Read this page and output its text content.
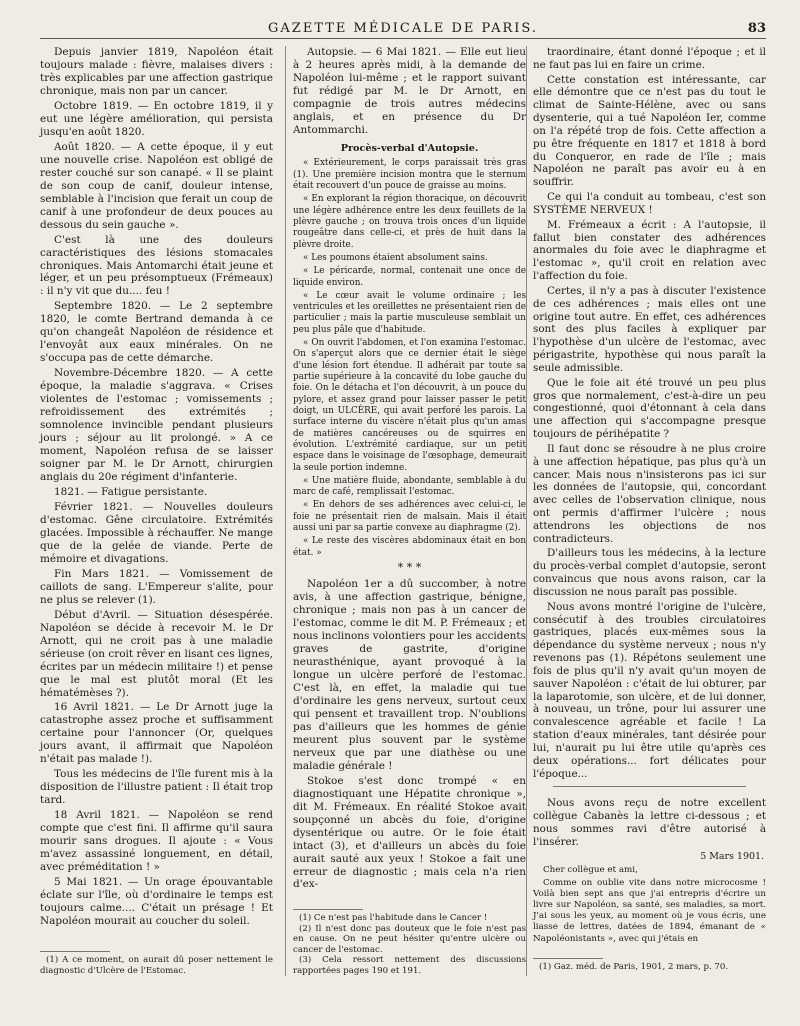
GAZETTE MÉDICALE DE PARIS.	83

Depuis janvier 1819, Napoléon était toujours malade : fièvre, malaises divers : très explicables par une affection gastrique chronique, mais non par un cancer.

Octobre 1819. — En octobre 1819, il y eut une légère amélioration, qui persista jusqu'en août 1820.

Août 1820. — A cette époque, il y eut une nouvelle crise. Napoléon est obligé de rester couché sur son canapé. « Il se plaint de son coup de canif, douleur intense, semblable à l'incision que ferait un coup de canif à une profondeur de deux pouces au dessous du sein gauche ».

C'est là une des douleurs caractéristiques des lésions stomacales chroniques. Mais Antomarchi était jeune et léger, et un peu présomptueux (Frémeaux) : il n'y vit que du.... feu !

Septembre 1820. — Le 2 septembre 1820, le comte Bertrand demanda à ce qu'on changeât Napoléon de résidence et l'envoyât aux eaux minérales. On ne s'occupa pas de cette démarche.

Novembre-Décembre 1820. — A cette époque, la maladie s'aggrava. « Crises violentes de l'estomac ; vomissements ; refroidissement des extrémités ; somnolence invincible pendant plusieurs jours ; séjour au lit prolongé. » A ce moment, Napoléon refusa de se laisser soigner par M. le Dr Arnott, chirurgien anglais du 20e régiment d'infanterie.

1821. — Fatigue persistante.

Février 1821. — Nouvelles douleurs d'estomac. Gêne circulatoire. Extrémités glacées. Impossible à réchauffer. Ne mange que de la gelée de viande. Perte de mémoire et divagations.

Fin Mars 1821. — Vomissement de caillots de sang. L'Empereur s'alite, pour ne plus se relever (1).

Début d'Avril. — Situation désespérée. Napoléon se décide à recevoir M. le Dr Arnott, qui ne croit pas à une maladie sérieuse (on croit rêver en lisant ces lignes, écrites par un médecin militaire !) et pense que le mal est plutôt moral (Et les hématémèses ?).

16 Avril 1821. — Le Dr Arnott juge la catastrophe assez proche et suffisamment certaine pour l'annoncer (Or, quelques jours avant, il affirmait que Napoléon n'était pas malade !).

Tous les médecins de l'île furent mis à la disposition de l'illustre patient : Il était trop tard.

18 Avril 1821. — Napoléon se rend compte que c'est fini. Il affirme qu'il saura mourir sans drogues. Il ajoute : « Vous m'avez assassiné longuement, en détail, avec préméditation ! »

5 Mai 1821. — Un orage épouvantable éclate sur l'île, où d'ordinaire le temps est toujours calme.... C'était un présage ! Et Napoléon mourait au coucher du soleil.

(1) A ce moment, on aurait dû poser nettement le diagnostic d'Ulcère de l'Estomac.

Autopsie. — 6 Mai 1821. — Elle eut lieu à 2 heures après midi, à la demande de Napoléon lui-même ; et le rapport suivant fut rédigé par M. le Dr Arnott, en compagnie de trois autres médecins anglais, et en présence du Dr Antommarchi.

Procès-verbal d'Autopsie.

« Extérieurement, le corps paraissait très gras (1). Une première incision montra que le sternum était recouvert d'un pouce de graisse au moins.

« En explorant la région thoracique, on découvrit une légère adhérence entre les deux feuillets de la plèvre gauche ; on trouva trois onces d'un liquide rougeâtre dans celle-ci, et près de huit dans la plèvre droite.

« Les poumons étaient absolument sains.

« Le péricarde, normal, contenait une once de liquide environ.

« Le cœur avait le volume ordinaire ; les ventricules et les oreillettes ne présentaient rien de particulier ; mais la partie musculeuse semblait un peu plus pâle que d'habitude.

« On ouvrit l'abdomen, et l'on examina l'estomac. On s'aperçut alors que ce dernier était le siège d'une lésion fort étendue. Il adhérait par toute sa partie supérieure à la concavité du lobe gauche du foie. On le détacha et l'on découvrit, à un pouce du pylore, et assez grand pour laisser passer le petit doigt, un ULCÈRE, qui avait perforé les parois. La surface interne du viscère n'était plus qu'un amas de matières cancéreuses ou de squirres en évolution. L'extrémité cardiaque, sur un petit espace dans le voisinage de l'œsophage, demeurait la seule portion indemne.

« Une matière fluide, abondante, semblable à du marc de café, remplissait l'estomac.

« En dehors de ses adhérences avec celui-ci, le foie ne présentait rien de malsain. Mais il était aussi uni par sa partie convexe au diaphragme (2).

« Le reste des viscères abdominaux était en bon état. »

* * *

Napoléon 1er a dû succomber, à notre avis, à une affection gastrique, bénigne, chronique ; mais non pas à un cancer de l'estomac, comme le dit M. P. Frémeaux ; et nous inclinons volontiers pour les accidents graves de gastrite, d'origine neurasthénique, ayant provoqué à la longue un ulcère perforé de l'estomac. C'est là, en effet, la maladie qui tue d'ordinaire les gens nerveux, surtout ceux qui pensent et travaillent trop. N'oublions pas d'ailleurs que les hommes de génie meurent plus souvent par le système nerveux que par une diathèse ou une maladie générale !

Stokoe s'est donc trompé « en diagnostiquant une Hépatite chronique », dit M. Frémeaux. En réalité Stokoe avait soupçonné un abcès du foie, d'origine dysentérique ou autre. Or le foie était intact (3), et d'ailleurs un abcès du foie aurait sauté aux yeux ! Stokoe a fait une erreur de diagnostic ; mais cela n'a rien d'ex-

(1) Ce n'est pas l'habitude dans le Cancer !

(2) Il n'est donc pas douteux que le foie n'est pas en cause. On ne peut hésiter qu'entre ulcère ou cancer de l'estomac.

(3) Cela ressort nettement des discussions rapportées pages 190 et 191.

traordinaire, étant donné l'époque ; et il ne faut pas lui en faire un crime.

Cette constation est intéressante, car elle démontre que ce n'est pas du tout le climat de Sainte-Hélène, avec ou sans dysenterie, qui a tué Napoléon Ier, comme on l'a répété trop de fois. Cette affection a pu être fréquente en 1817 et 1818 à bord du Conqueror, en rade de l'île ; mais Napoléon ne paraît pas avoir eu à en souffrir.

Ce qui l'a conduit au tombeau, c'est son SYSTÈME NERVEUX !

M. Frémeaux a écrit : A l'autopsie, il fallut bien constater des adhérences anormales du foie avec le diaphragme et l'estomac », qu'il croit en relation avec l'affection du foie.

Certes, il n'y a pas à discuter l'existence de ces adhérences ; mais elles ont une origine tout autre. En effet, ces adhérences sont des plus faciles à expliquer par l'hypothèse d'un ulcère de l'estomac, avec périgastrite, hypothèse qui nous paraît la seule admissible.

Que le foie ait été trouvé un peu plus gros que normalement, c'est-à-dire un peu congestionné, quoi d'étonnant à cela dans une affection qui s'accompagne presque toujours de périhépatite ?

Il faut donc se résoudre à ne plus croire à une affection hépatique, pas plus qu'à un cancer. Mais nous n'insisterons pas ici sur les données de l'autopsie, qui, concordant avec celles de l'observation clinique, nous ont permis d'affirmer l'ulcère ; nous attendrons les objections de nos contradicteurs.

D'ailleurs tous les médecins, à la lecture du procès-verbal complet d'autopsie, seront convaincus que nous avons raison, car la discussion ne nous paraît pas possible.

Nous avons montré l'origine de l'ulcère, consécutif à des troubles circulatoires gastriques, placés eux-mêmes sous la dépendance du système nerveux ; nous n'y revenons pas (1). Répétons seulement une fois de plus qu'il n'y avait qu'un moyen de sauver Napoléon : c'était de lui obturer, par la laparotomie, son ulcère, et de lui donner, à nouveau, un trône, pour lui assurer une convalescence agréable et facile ! La station d'eaux minérales, tant désirée pour lui, n'aurait pu lui être utile qu'après ces deux opérations... fort délicates pour l'époque...

Nous avons reçu de notre excellent collègue Cabanès la lettre ci-dessous ; et nous sommes ravi d'être autorisé à l'insérer.

5 Mars 1901.

Cher collègue et ami,

Comme on oublie vite dans notre microcosme ! Voilà bien sept ans que j'ai entrepris d'écrire un livre sur Napoléon, sa santé, ses maladies, sa mort. J'ai sous les yeux, au moment où je vous écris, une liasse de lettres, datées de 1894, émanant de « Napoléonistants », avec qui j'étais en

(1) Gaz. méd. de Paris, 1901, 2 mars, p. 70.
